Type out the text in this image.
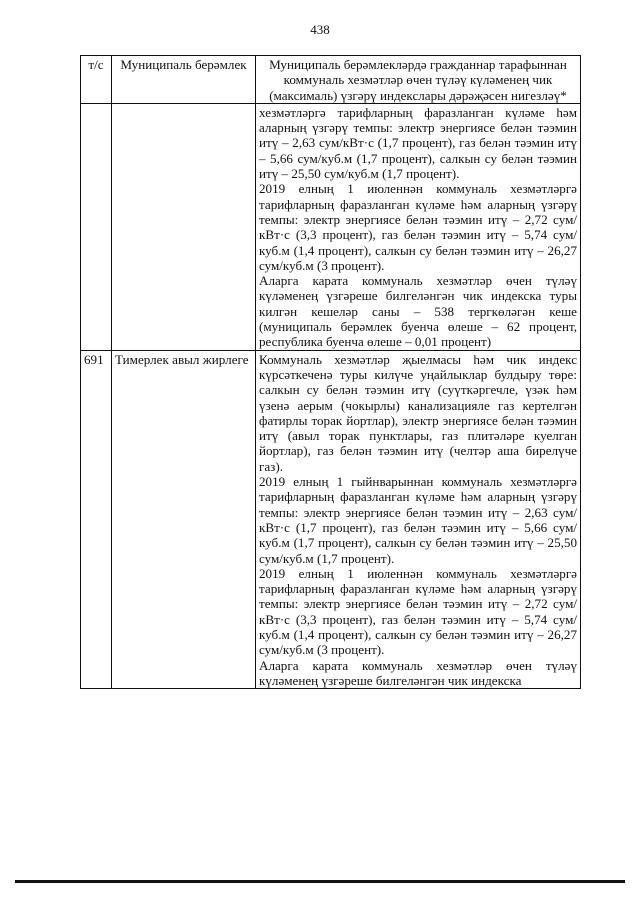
438
т/с	Муниципаль берәмлек	Муниципаль берәмлекләрдә гражданнар тарафыннан коммуналь хезмәтләр өчен түләү күләменең чик (максималь) үзгәрү индекслары дәрәҗәсен нигезләү*

		хезмәтләргә тарифларның фаразланган күләме һәм аларның үзгәрү темпы: электр энергиясе белән тәэмин итү – 2,63 сум/кВт·с (1,7 процент), газ белән тәэмин итү – 5,66 сум/куб.м (1,7 процент), салкын су белән тәэмин итү – 25,50 сум/куб.м (1,7 процент).

2019 елның 1 июленнән коммуналь хезмәтләргә тарифларның фаразланган күләме һәм аларның үзгәрү темпы: электр энергиясе белән тәэмин итү – 2,72 сум/кВт·с (3,3 процент), газ белән тәэмин итү – 5,74 сум/куб.м (1,4 процент), салкын су белән тәэмин итү – 26,27 сум/куб.м (3 процент).

Аларга карата коммуналь хезмәтләр өчен түләү күләменең үзгәреше билгеләнгән чик индекска туры килгән кешеләр саны – 538 тергкөләгән кеше (муниципаль берәмлек буенча өлеше – 62 процент, республика буенча өлеше – 0,01 процент)

691	Тимерлек авыл жирлеге	Коммуналь хезмәтләр җыелмасы һәм чик индекс күрсәткеченә туры килүче уңайлыклар булдыру төре: салкын су белән тәэмин итү (суүткәргечле, үзәк һәм үзенә аерым (чокырлы) канализацияле газ кертелгән фатирлы торак йортлар), электр энергиясе белән тәэмин итү (авыл торак пунктлары, газ плитәләре куелган йортлар), газ белән тәэмин итү (челтәр аша бирелүче газ).

2019 елның 1 гыйнварыннан коммуналь хезмәтләргә тарифларның фаразланган күләме һәм аларның үзгәрү темпы: электр энергиясе белән тәэмин итү – 2,63 сум/кВт·с (1,7 процент), газ белән тәэмин итү – 5,66 сум/куб.м (1,7 процент), салкын су белән тәэмин итү – 25,50 сум/куб.м (1,7 процент).

2019 елның 1 июленнән коммуналь хезмәтләргә тарифларның фаразланган күләме һәм аларның үзгәрү темпы: электр энергиясе белән тәэмин итү – 2,72 сум/кВт·с (3,3 процент), газ белән тәэмин итү – 5,74 сум/куб.м (1,4 процент), салкын су белән тәэмин итү – 26,27 сум/куб.м (3 процент).

Аларга карата коммуналь хезмәтләр өчен түләү күләменең үзгәреше билгеләнгән чик индекска
